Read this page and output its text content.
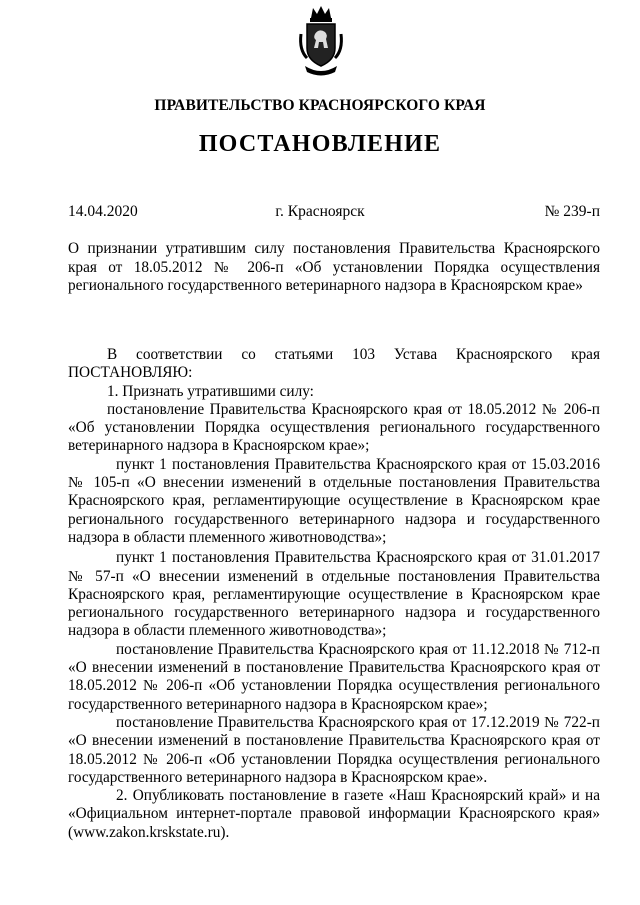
ПРАВИТЕЛЬСТВО КРАСНОЯРСКОГО КРАЯ
ПОСТАНОВЛЕНИЕ
14.04.2020	г. Красноярск	№ 239-п
О признании утратившим силу постановления Правительства Красноярского края от 18.05.2012 № 206-п «Об установлении Порядка осуществления регионального государственного ветеринарного надзора в Красноярском крае»

В соответствии со статьями 103 Устава Красноярского края ПОСТАНОВЛЯЮ:

1. Признать утратившими силу:

постановление Правительства Красноярского края от 18.05.2012 № 206-п «Об установлении Порядка осуществления регионального государственного ветеринарного надзора в Красноярском крае»;

пункт 1 постановления Правительства Красноярского края от 15.03.2016 № 105-п «О внесении изменений в отдельные постановления Правительства Красноярского края, регламентирующие осуществление в Красноярском крае регионального государственного ветеринарного надзора и государственного надзора в области племенного животноводства»;

пункт 1 постановления Правительства Красноярского края от 31.01.2017 № 57-п «О внесении изменений в отдельные постановления Правительства Красноярского края, регламентирующие осуществление в Красноярском крае регионального государственного ветеринарного надзора и государственного надзора в области племенного животноводства»;

постановление Правительства Красноярского края от 11.12.2018 № 712-п «О внесении изменений в постановление Правительства Красноярского края от 18.05.2012 № 206-п «Об установлении Порядка осуществления регионального государственного ветеринарного надзора в Красноярском крае»;

постановление Правительства Красноярского края от 17.12.2019 № 722-п «О внесении изменений в постановление Правительства Красноярского края от 18.05.2012 № 206-п «Об установлении Порядка осуществления регионального государственного ветеринарного надзора в Красноярском крае».

2. Опубликовать постановление в газете «Наш Красноярский край» и на «Официальном интернет-портале правовой информации Красноярского края» (www.zakon.krskstate.ru).
